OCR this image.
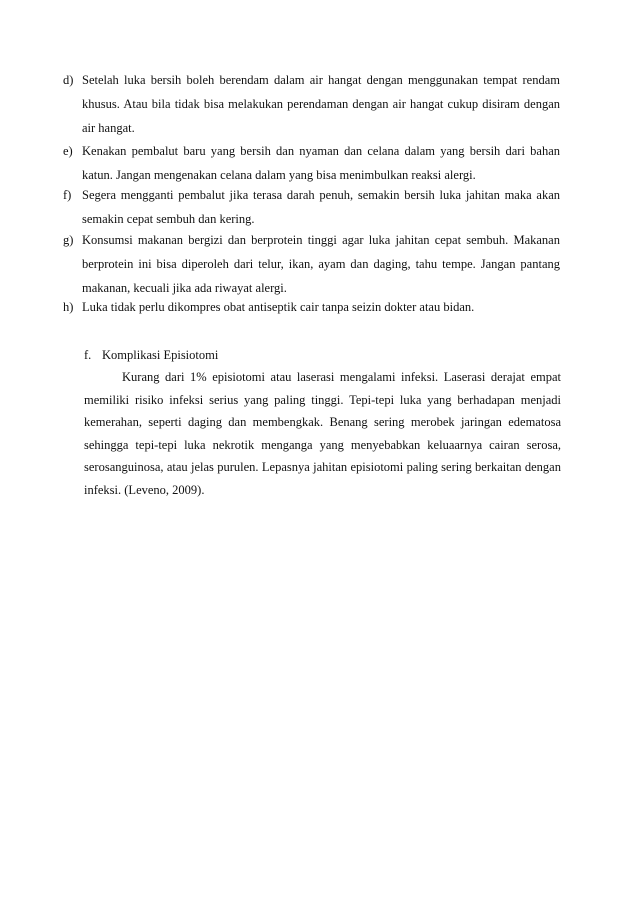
d) Setelah luka bersih boleh berendam dalam air hangat dengan menggunakan tempat rendam khusus. Atau bila tidak bisa melakukan perendaman dengan air hangat cukup disiram dengan air hangat.
e) Kenakan pembalut baru yang bersih dan nyaman dan celana dalam yang bersih dari bahan katun. Jangan mengenakan celana dalam yang bisa menimbulkan reaksi alergi.
f) Segera mengganti pembalut jika terasa darah penuh, semakin bersih luka jahitan maka akan semakin cepat sembuh dan kering.
g) Konsumsi makanan bergizi dan berprotein tinggi agar luka jahitan cepat sembuh. Makanan berprotein ini bisa diperoleh dari telur, ikan, ayam dan daging, tahu tempe. Jangan pantang makanan, kecuali jika ada riwayat alergi.
h) Luka tidak perlu dikompres obat antiseptik cair tanpa seizin dokter atau bidan.
f. Komplikasi Episiotomi
Kurang dari 1% episiotomi atau laserasi mengalami infeksi. Laserasi derajat empat memiliki risiko infeksi serius yang paling tinggi. Tepi-tepi luka yang berhadapan menjadi kemerahan, seperti daging dan membengkak. Benang sering merobek jaringan edematosa sehingga tepi-tepi luka nekrotik menganga yang menyebabkan keluaarnya cairan serosa, serosanguinosa, atau jelas purulen. Lepasnya jahitan episiotomi paling sering berkaitan dengan infeksi. (Leveno, 2009).
